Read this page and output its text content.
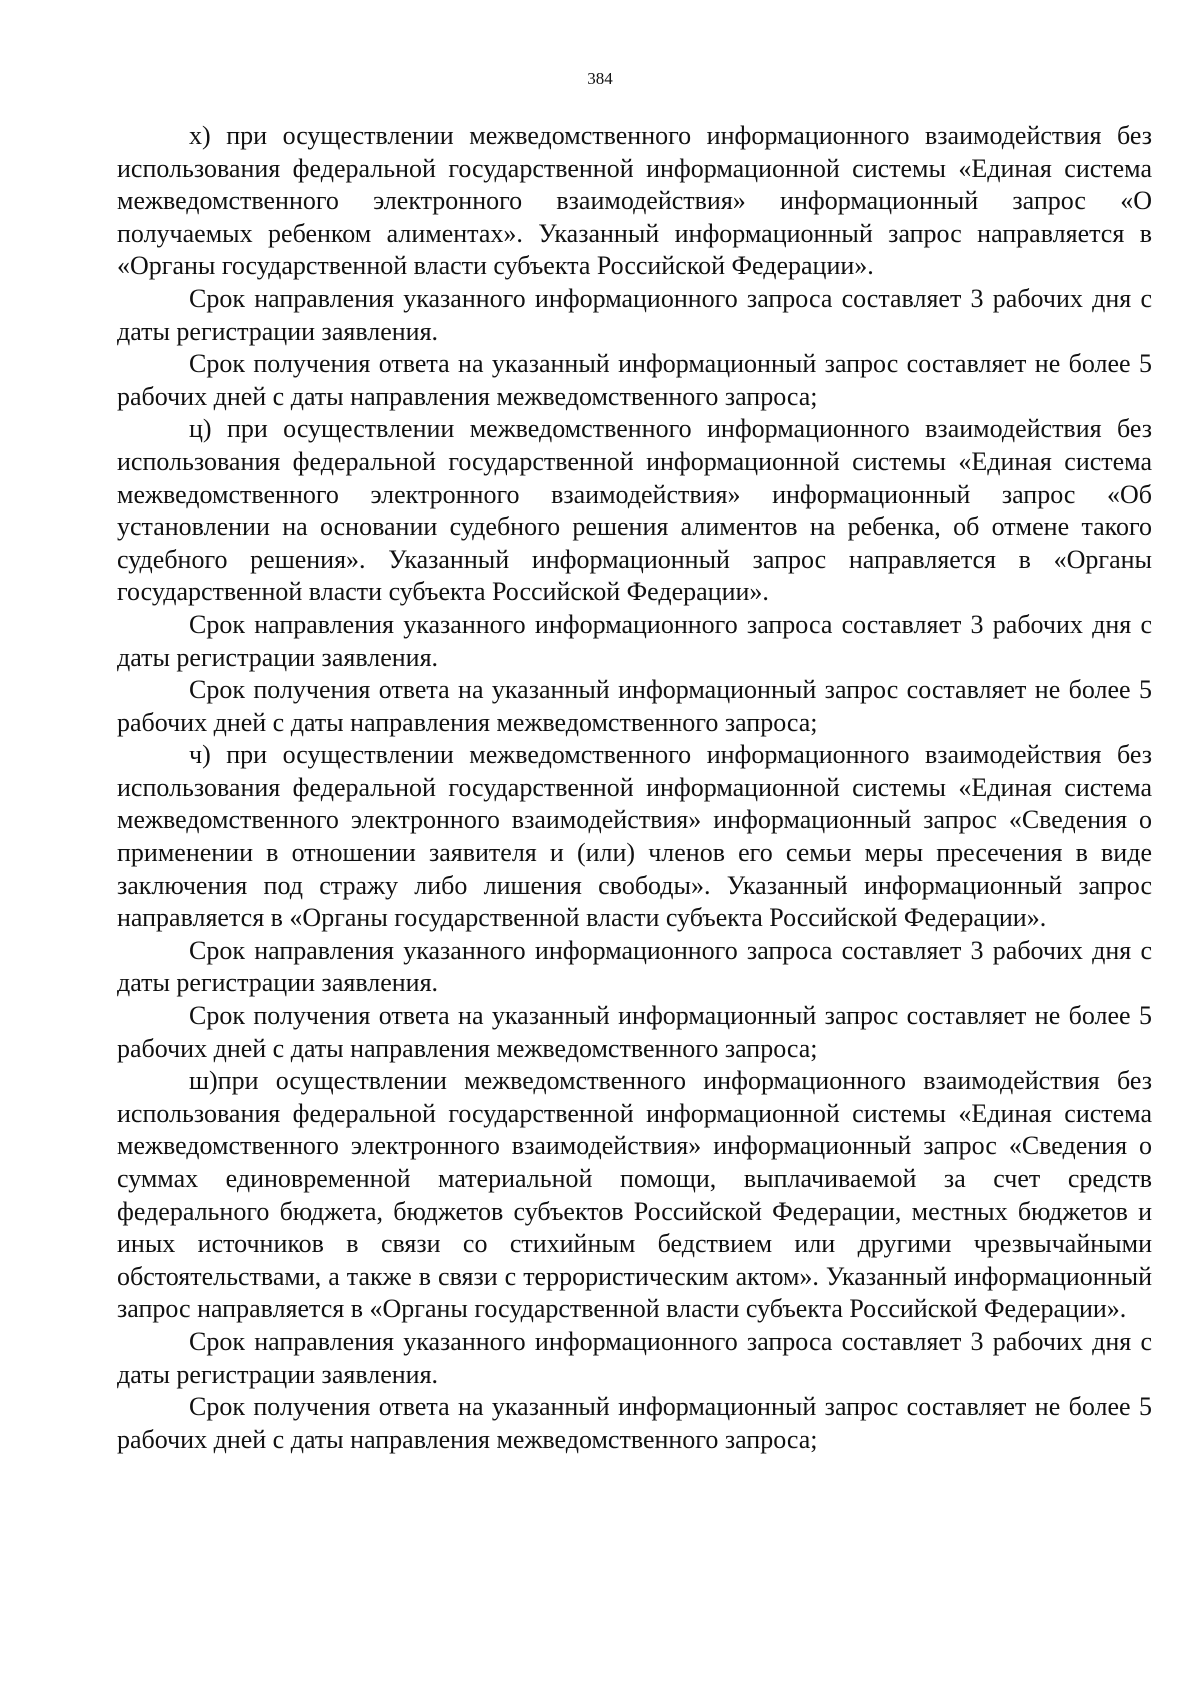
384

х) при осуществлении межведомственного информационного взаимодействия без использования федеральной государственной информационной системы «Единая система межведомственного электронного взаимодействия» информационный запрос «О получаемых ребенком алиментах». Указанный информационный запрос направляется в «Органы государственной власти субъекта Российской Федерации».

Срок направления указанного информационного запроса составляет 3 рабочих дня с даты регистрации заявления.

Срок получения ответа на указанный информационный запрос составляет не более 5 рабочих дней с даты направления межведомственного запроса;

ц) при осуществлении межведомственного информационного взаимодействия без использования федеральной государственной информационной системы «Единая система межведомственного электронного взаимодействия» информационный запрос «Об установлении на основании судебного решения алиментов на ребенка, об отмене такого судебного решения». Указанный информационный запрос направляется в «Органы государственной власти субъекта Российской Федерации».

Срок направления указанного информационного запроса составляет 3 рабочих дня с даты регистрации заявления.

Срок получения ответа на указанный информационный запрос составляет не более 5 рабочих дней с даты направления межведомственного запроса;

ч) при осуществлении межведомственного информационного взаимодействия без использования федеральной государственной информационной системы «Единая система межведомственного электронного взаимодействия» информационный запрос «Сведения о применении в отношении заявителя и (или) членов его семьи меры пресечения в виде заключения под стражу либо лишения свободы». Указанный информационный запрос направляется в «Органы государственной власти субъекта Российской Федерации».

Срок направления указанного информационного запроса составляет 3 рабочих дня с даты регистрации заявления.

Срок получения ответа на указанный информационный запрос составляет не более 5 рабочих дней с даты направления межведомственного запроса;

ш)при осуществлении межведомственного информационного взаимодействия без использования федеральной государственной информационной системы «Единая система межведомственного электронного взаимодействия» информационный запрос «Сведения о суммах единовременной материальной помощи, выплачиваемой за счет средств федерального бюджета, бюджетов субъектов Российской Федерации, местных бюджетов и иных источников в связи со стихийным бедствием или другими чрезвычайными обстоятельствами, а также в связи с террористическим актом». Указанный информационный запрос направляется в «Органы государственной власти субъекта Российской Федерации».

Срок направления указанного информационного запроса составляет 3 рабочих дня с даты регистрации заявления.

Срок получения ответа на указанный информационный запрос составляет не более 5 рабочих дней с даты направления межведомственного запроса;
